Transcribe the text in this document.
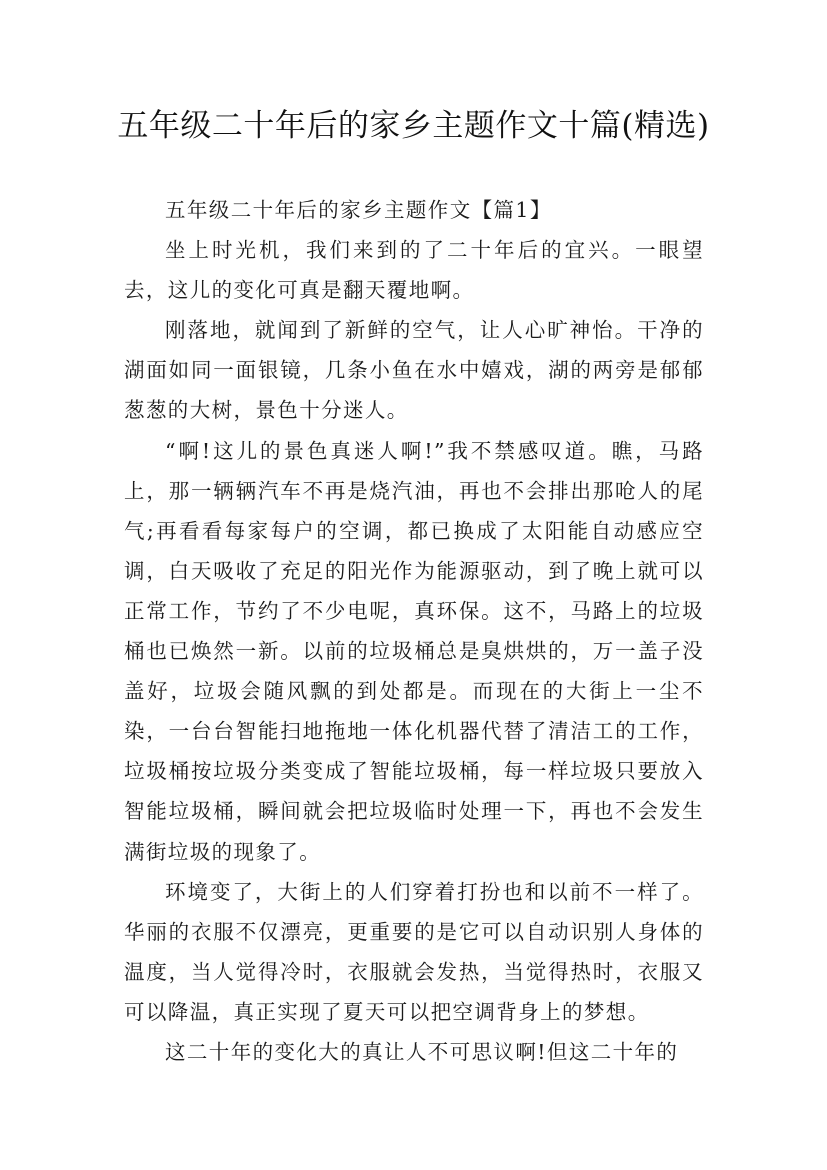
五年级二十年后的家乡主题作文十篇(精选)

五年级二十年后的家乡主题作文【篇1】

坐上时光机，我们来到的了二十年后的宜兴。一眼望去，这儿的变化可真是翻天覆地啊。

刚落地，就闻到了新鲜的空气，让人心旷神怡。干净的湖面如同一面银镜，几条小鱼在水中嬉戏，湖的两旁是郁郁葱葱的大树，景色十分迷人。

“啊!这儿的景色真迷人啊!”我不禁感叹道。瞧，马路上，那一辆辆汽车不再是烧汽油，再也不会排出那呛人的尾气;再看看每家每户的空调，都已换成了太阳能自动感应空调，白天吸收了充足的阳光作为能源驱动，到了晚上就可以正常工作，节约了不少电呢，真环保。这不，马路上的垃圾桶也已焕然一新。以前的垃圾桶总是臭烘烘的，万一盖子没盖好，垃圾会随风飘的到处都是。而现在的大街上一尘不染，一台台智能扫地拖地一体化机器代替了清洁工的工作，垃圾桶按垃圾分类变成了智能垃圾桶，每一样垃圾只要放入智能垃圾桶，瞬间就会把垃圾临时处理一下，再也不会发生满街垃圾的现象了。

环境变了，大街上的人们穿着打扮也和以前不一样了。华丽的衣服不仅漂亮，更重要的是它可以自动识别人身体的温度，当人觉得冷时，衣服就会发热，当觉得热时，衣服又可以降温，真正实现了夏天可以把空调背身上的梦想。

这二十年的变化大的真让人不可思议啊!但这二十年的
